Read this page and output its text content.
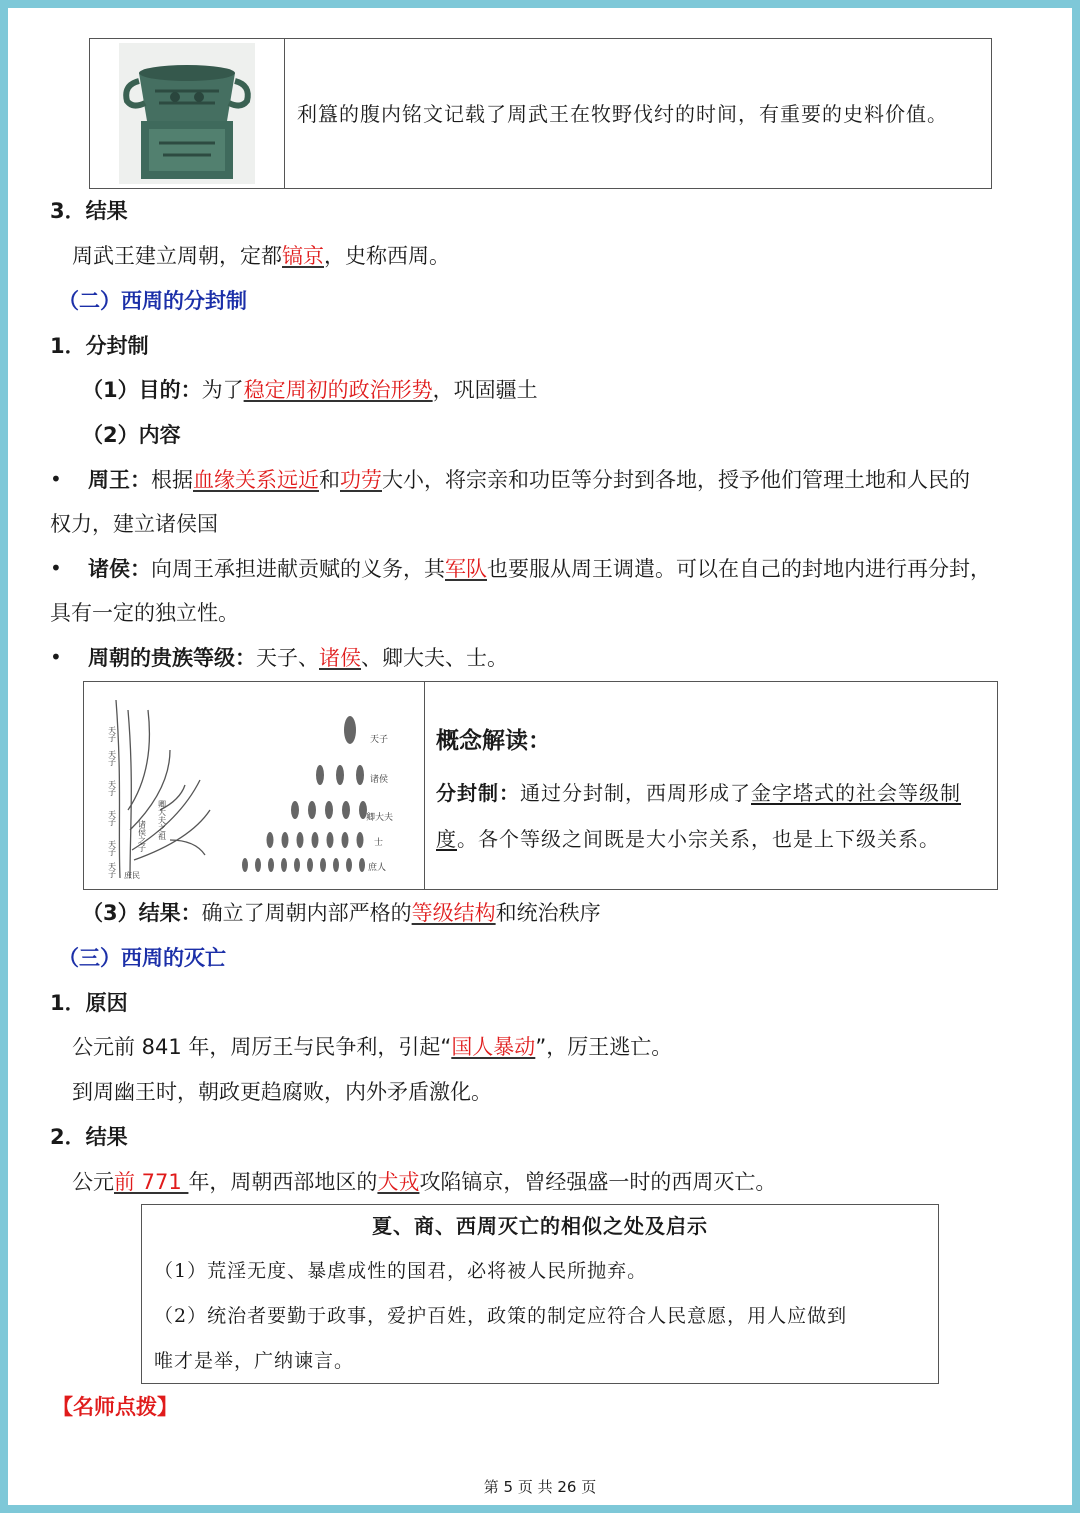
利簋的腹内铭文记载了周武王在牧野伐纣的时间，有重要的史料价值。
3．结果
周武王建立周朝，定都镐京，史称西周。
（二）西周的分封制
1．分封制
（1）目的：为了稳定周初的政治形势，巩固疆土
（2）内容
• 周王：根据血缘关系远近和功劳大小，将宗亲和功臣等分封到各地，授予他们管理土地和人民的
权力，建立诸侯国
• 诸侯：向周王承担进献贡赋的义务，其军队也要服从周王调遣。可以在自己的封地内进行再分封，
具有一定的独立性。
• 周朝的贵族等级：天子、诸侯、卿大夫、士。
天子
天子
天子
天子
天子
天子
诸侯之子 卿大夫之祖
庶民
天子
诸侯
卿大夫
士
庶人
概念解读：
分封制：通过分封制，西周形成了金字塔式的社会等级制
度。各个等级之间既是大小宗关系，也是上下级关系。
（3）结果：确立了周朝内部严格的等级结构和统治秩序
（三）西周的灭亡
1．原因
公元前 841 年，周厉王与民争利，引起“国人暴动”，厉王逃亡。
到周幽王时，朝政更趋腐败，内外矛盾激化。
2．结果
公元前 771 年，周朝西部地区的犬戎攻陷镐京，曾经强盛一时的西周灭亡。
夏、商、西周灭亡的相似之处及启示
（1）荒淫无度、暴虐成性的国君，必将被人民所抛弃。
（2）统治者要勤于政事，爱护百姓，政策的制定应符合人民意愿，用人应做到
唯才是举，广纳谏言。
【名师点拨】
第 5 页 共 26 页
